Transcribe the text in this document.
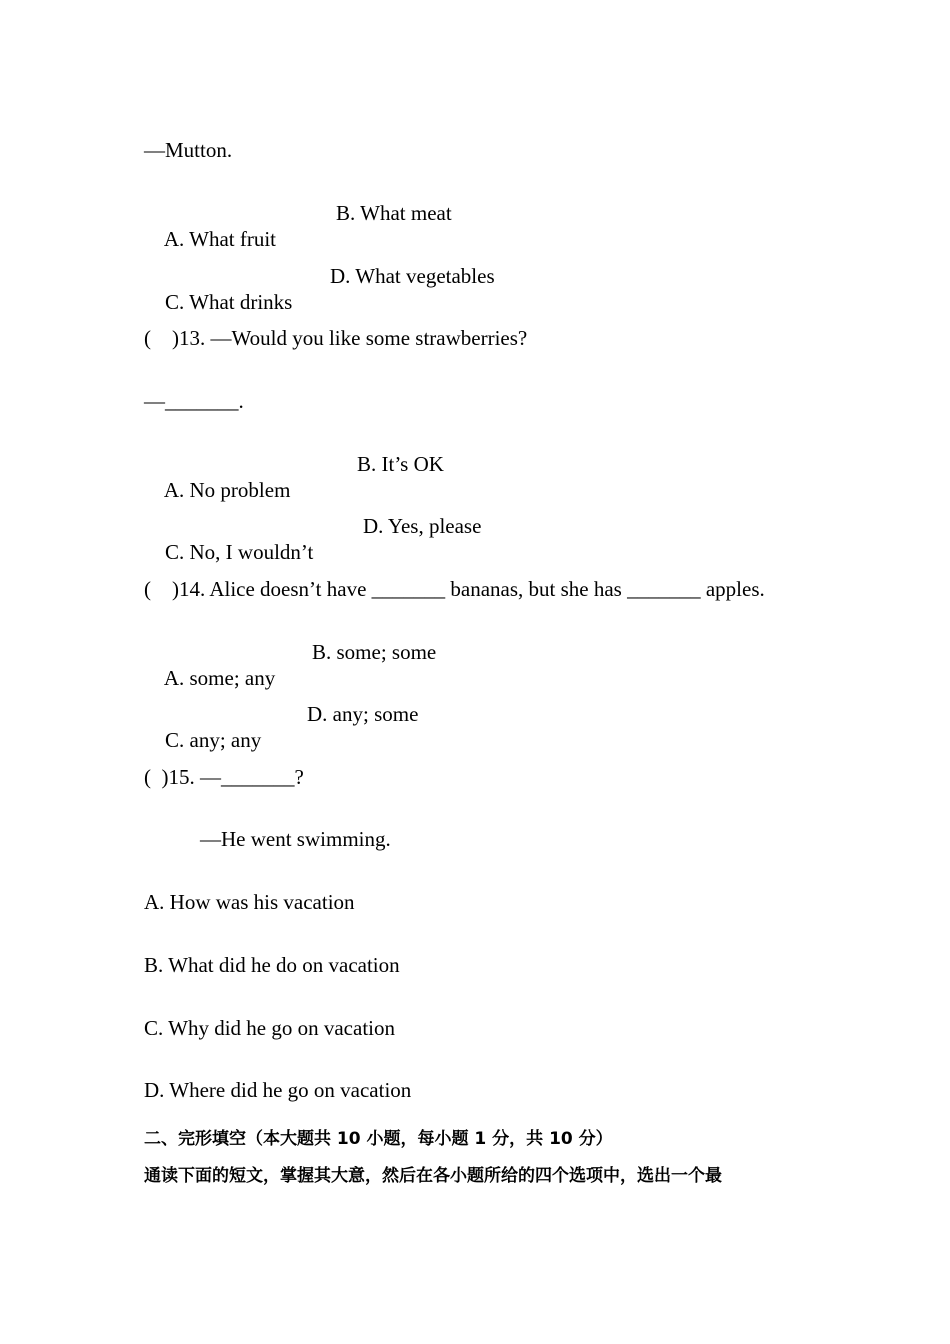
—Mutton.

A. What fruit

B. What meat

C. What drinks

D. What vegetables

(    )13. —Would you like some strawberries?
—_______.

A. No problem

B. It’s OK

C. No, I wouldn’t

D. Yes, please

(    )14. Alice doesn’t have _______ bananas, but she has _______ apples.

A. some; any

B. some; some

C. any; any

D. any; some

(  )15. —_______?
—He went swimming.
A. How was his vacation
B. What did he do on vacation
C. Why did he go on vacation
D. Where did he go on vacation
二、完形填空（本大题共 10 小题，每小题 1 分，共 10 分）
通读下面的短文，掌握其大意，然后在各小题所给的四个选项中，选出一个最
